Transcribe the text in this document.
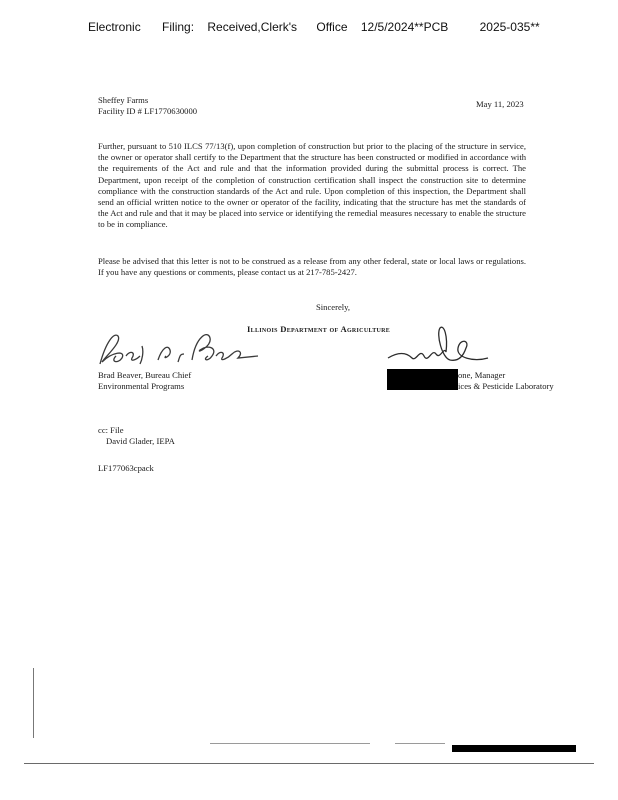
Electronic Filing: Received,Clerk's Office 12/5/2024**PCB	2025-035**
Sheffey Farms
Facility ID # LF1770630000
May 11, 2023
Further, pursuant to 510 ILCS 77/13(f), upon completion of construction but prior to the placing of the structure in service, the owner or operator shall certify to the Department that the structure has been constructed or modified in accordance with the requirements of the Act and rule and that the information provided during the submittal process is correct. The Department, upon receipt of the completion of construction certification shall inspect the construction site to determine compliance with the construction standards of the Act and rule. Upon completion of this inspection, the Department shall send an official written notice to the owner or operator of the facility, indicating that the structure has met the standards of the Act and rule and that it may be placed into service or identifying the remedial measures necessary to enable the structure to be in compliance.
Please be advised that this letter is not to be construed as a release from any other federal, state or local laws or regulations. If you have any questions or comments, please contact us at 217-785-2427.
Sincerely,
Illinois Department of Agriculture
Brad Beaver, Bureau Chief
Environmental Programs
one, Manager
ices & Pesticide Laboratory
cc: File
David Glader, IEPA
LF177063cpack
